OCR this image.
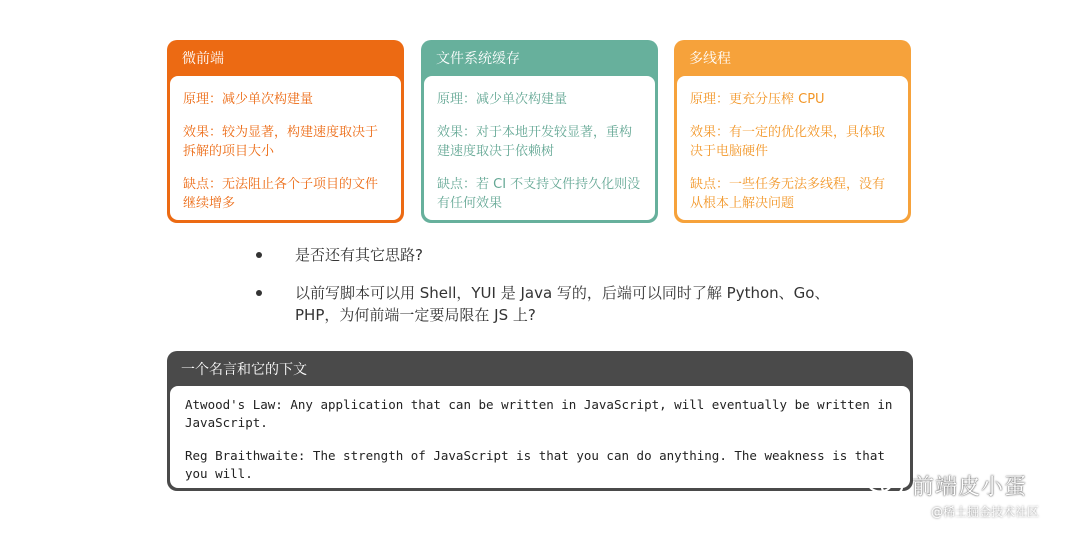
微前端

原理：减少单次构建量

效果：较为显著，构建速度取决于拆解的项目大小

缺点：无法阻止各个子项目的文件继续增多

文件系统缓存

原理：减少单次构建量

效果：对于本地开发较显著，重构建速度取决于依赖树

缺点：若 CI 不支持文件持久化则没有任何效果

多线程

原理：更充分压榨 CPU

效果：有一定的优化效果，具体取决于电脑硬件

缺点：一些任务无法多线程，没有从根本上解决问题

是否还有其它思路?
以前写脚本可以用 Shell，YUI 是 Java 写的，后端可以同时了解 Python、Go、PHP，为何前端一定要局限在 JS 上?
一个名言和它的下文

Atwood's Law: Any application that can be written in JavaScript, will eventually be written in JavaScript.

Reg Braithwaite: The strength of JavaScript is that you can do anything. The weakness is that you will.

前端皮小蛋
@稀土掘金技术社区
